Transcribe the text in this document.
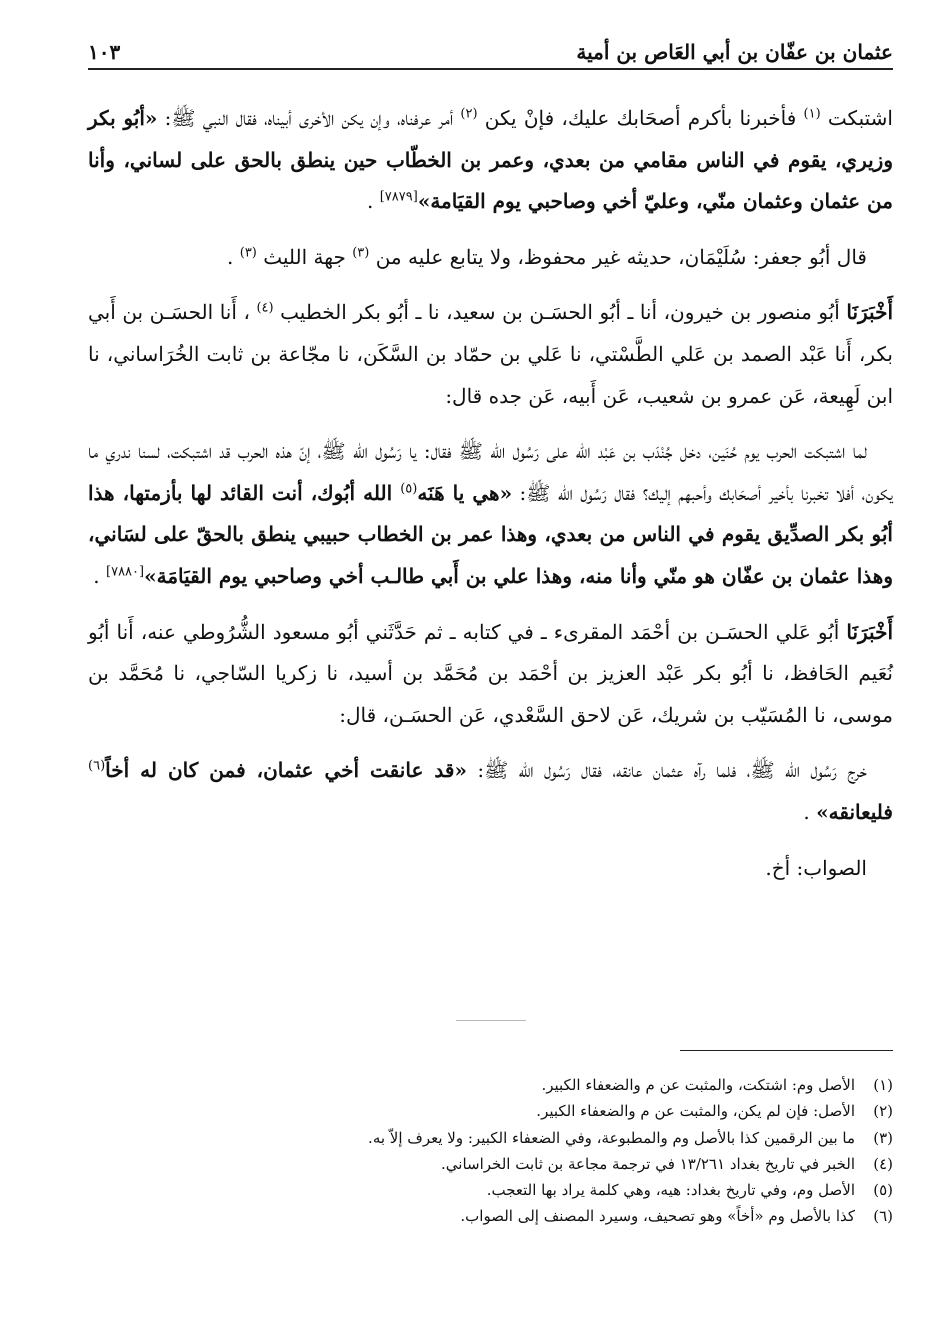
عثمان بن عفّان بن أبي العَاص بن أمية
١٠٣

اشتبكت $^{(١)}$ فأخبرنا بأكرم أصحَابك عليك، فإنْ يكن $^{(٢)}$ أمر عرفناه، وإن يكن الأخرى أبيناه، فقال النبي ﷺ: «أبُو بكر وزيري، يقوم في الناس مقامي من بعدي، وعمر بن الخطّاب حين ينطق بالحق على لساني، وأنا من عثمان وعثمان منّي، وعليّ أخي وصاحبي يوم القيَامة»[٧٨٧٩] .

قال أبُو جعفر: سُلَيْمَان، حديثه غير محفوظ، ولا يتابع عليه من $^{(٣)}$ جهة الليث $^{(٣)}$ .

أَخْبَرَنَا أبُو منصور بن خيرون، أنا ـ أبُو الحسَـن بن سعيد، نا ـ أبُو بكر الخطيب $^{(٤)}$ ، أَنا الحسَـن بن أَبي بكر، أَنا عَبْد الصمد بن عَلي الطَّسْتي، نا عَلي بن حمّاد بن السَّكَن، نا مجّاعة بن ثابت الخُرَاساني، نا ابن لَهِيعة، عَن عمرو بن شعيب، عَن أَبيه، عَن جده قال:

لما اشتبكت الحرب يوم حُنَين، دخل جُنْدَب بن عَبْد اللّه على رَسُول الله ﷺ فقال: يا رَسُول الله ﷺ، إنّ هذه الحرب قد اشتبكت، لسنا ندري ما يكون، أفلا تخبرنا بأخير أصحَابك وأحبهم إليك؟ فقال رَسُول الله ﷺ: «هي يا هَنَه$^{(٥)}$ الله أبُوك، أنت القائد لها بأزمتها، هذا أبُو بكر الصدِّيق يقوم في الناس من بعدي، وهذا عمر بن الخطاب حبيبي ينطق بالحقّ على لسَاني، وهذا عثمان بن عفّان هو منّي وأنا منه، وهذا علي بن أَبي طالـب أخي وصاحبي يوم القيَامَة»[٧٨٨٠] .

أَخْبَرَنَا أبُو عَلي الحسَـن بن أحْمَد المقرىء ـ في كتابه ـ ثم حَدَّثَني أبُو مسعود الشُّرُوطي عنه، أَنا أبُو نُعَيم الحَافظ، نا أبُو بكر عَبْد العزيز بن أحْمَد بن مُحَمَّد بن أسيد، نا زكريا السّاجي، نا مُحَمَّد بن موسى، نا المُسَيّب بن شريك، عَن لاحق السَّعْدي، عَن الحسَـن، قال:

خرج رَسُول الله ﷺ، فلما رآه عثمان عانقه، فقال رَسُول الله ﷺ: «قد عانقت أخي عثمان، فمن كان له أخاً$^{(٦)}$ فليعانقه» .

الصواب: أخ.

(١)
الأصل وم: اشتكت، والمثبت عن م والضعفاء الكبير.
(٢)
الأصل: فإن لم يكن، والمثبت عن م والضعفاء الكبير.
(٣)
ما بين الرقمين كذا بالأصل وم والمطبوعة، وفي الضعفاء الكبير: ولا يعرف إلاّ به.
(٤)
الخبر في تاريخ بغداد ١٣/٢٦١ في ترجمة مجاعة بن ثابت الخراساني.
(٥)
الأصل وم، وفي تاريخ بغداد: هيه، وهي كلمة يراد بها التعجب.
(٦)
كذا بالأصل وم «أخاً» وهو تصحيف، وسيرد المصنف إلى الصواب.
